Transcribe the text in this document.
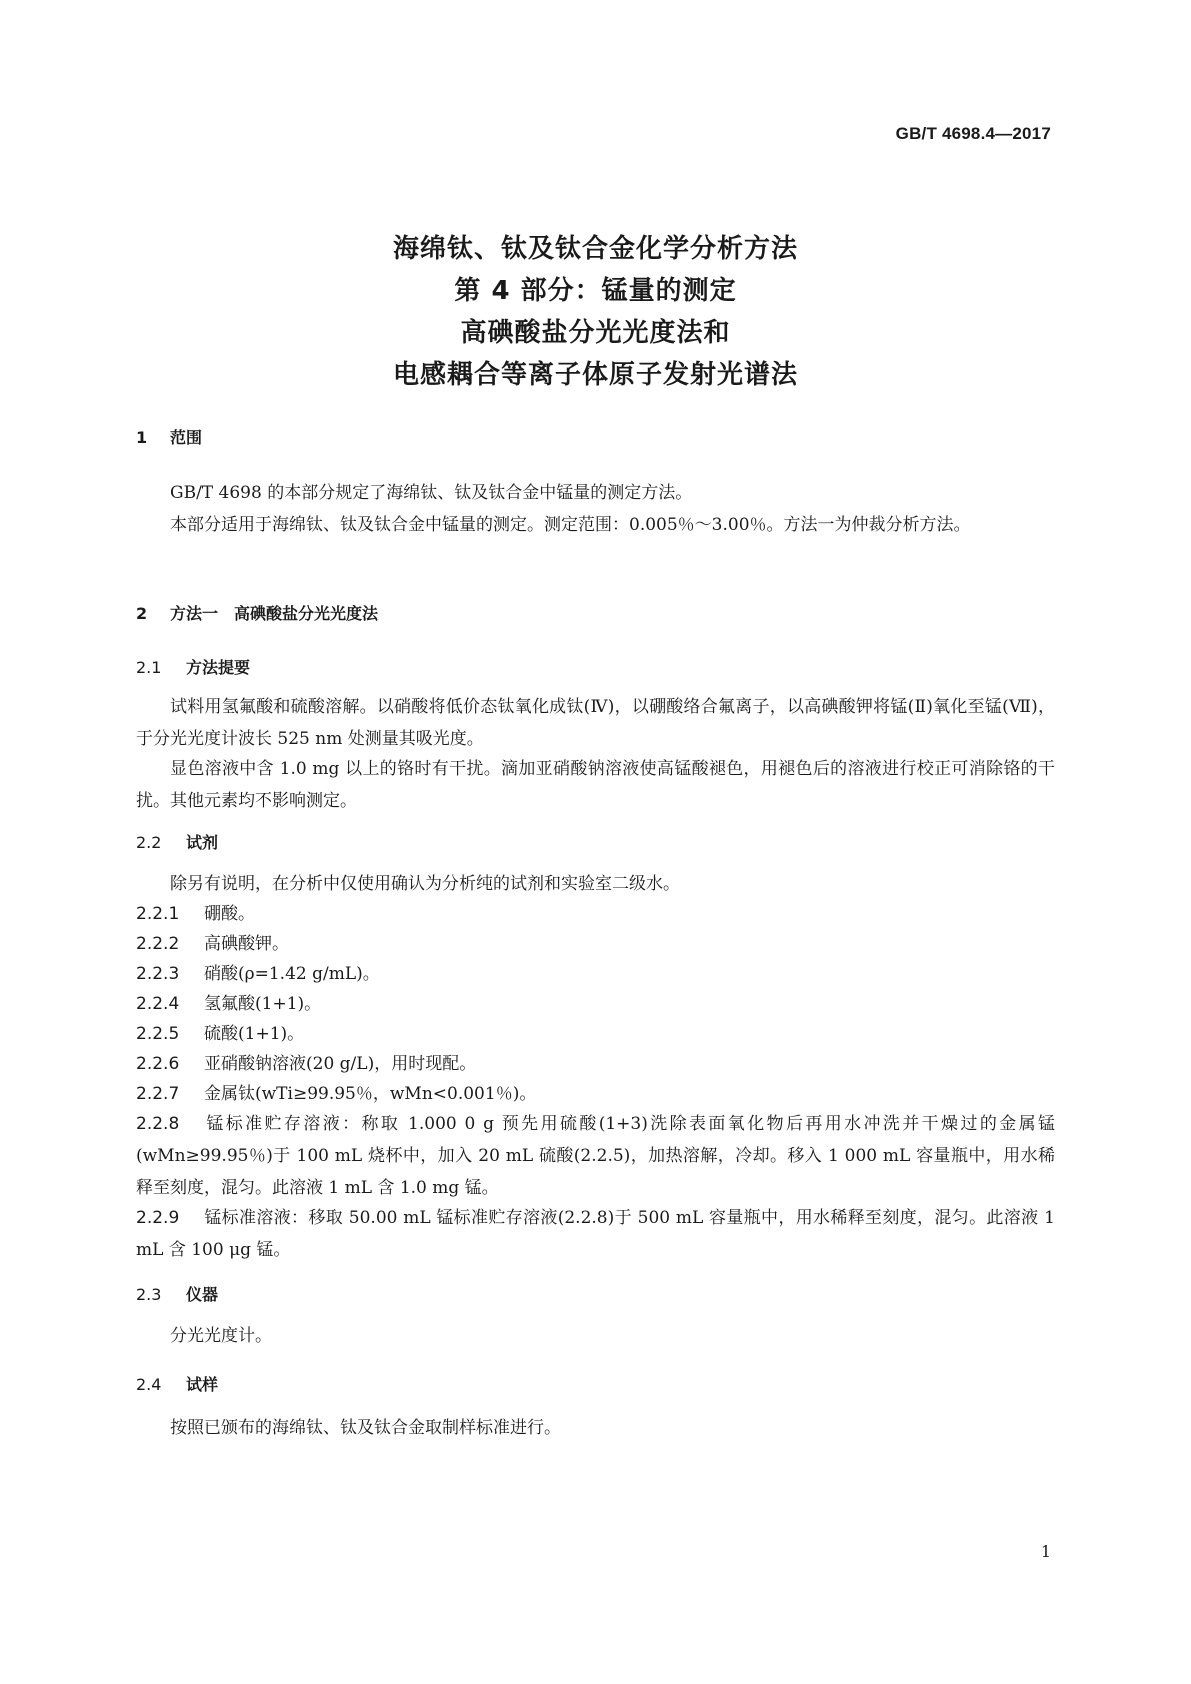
GB/T 4698.4—2017
海绵钛、钛及钛合金化学分析方法
第 4 部分：锰量的测定
高碘酸盐分光光度法和
电感耦合等离子体原子发射光谱法
1 范围
GB/T 4698 的本部分规定了海绵钛、钛及钛合金中锰量的测定方法。
本部分适用于海绵钛、钛及钛合金中锰量的测定。测定范围：0.005％～3.00％。方法一为仲裁分析方法。
2 方法一　高碘酸盐分光光度法
2.1 方法提要
试料用氢氟酸和硫酸溶解。以硝酸将低价态钛氧化成钛(Ⅳ)，以硼酸络合氟离子，以高碘酸钾将锰(Ⅱ)氧化至锰(Ⅶ)，于分光光度计波长 525 nm 处测量其吸光度。
显色溶液中含 1.0 mg 以上的铬时有干扰。滴加亚硝酸钠溶液使高锰酸褪色，用褪色后的溶液进行校正可消除铬的干扰。其他元素均不影响测定。
2.2 试剂
除另有说明，在分析中仅使用确认为分析纯的试剂和实验室二级水。
2.2.1 硼酸。
2.2.2 高碘酸钾。
2.2.3 硝酸(ρ=1.42 g/mL)。
2.2.4 氢氟酸(1+1)。
2.2.5 硫酸(1+1)。
2.2.6 亚硝酸钠溶液(20 g/L)，用时现配。
2.2.7 金属钛(wTi≥99.95％，wMn<0.001％)。
2.2.8 锰标准贮存溶液：称取 1.000 0 g 预先用硫酸(1+3)洗除表面氧化物后再用水冲洗并干燥过的金属锰(wMn≥99.95％)于 100 mL 烧杯中，加入 20 mL 硫酸(2.2.5)，加热溶解，冷却。移入 1 000 mL 容量瓶中，用水稀释至刻度，混匀。此溶液 1 mL 含 1.0 mg 锰。
2.2.9 锰标准溶液：移取 50.00 mL 锰标准贮存溶液(2.2.8)于 500 mL 容量瓶中，用水稀释至刻度，混匀。此溶液 1 mL 含 100 μg 锰。
2.3 仪器
分光光度计。
2.4 试样
按照已颁布的海绵钛、钛及钛合金取制样标准进行。
1
